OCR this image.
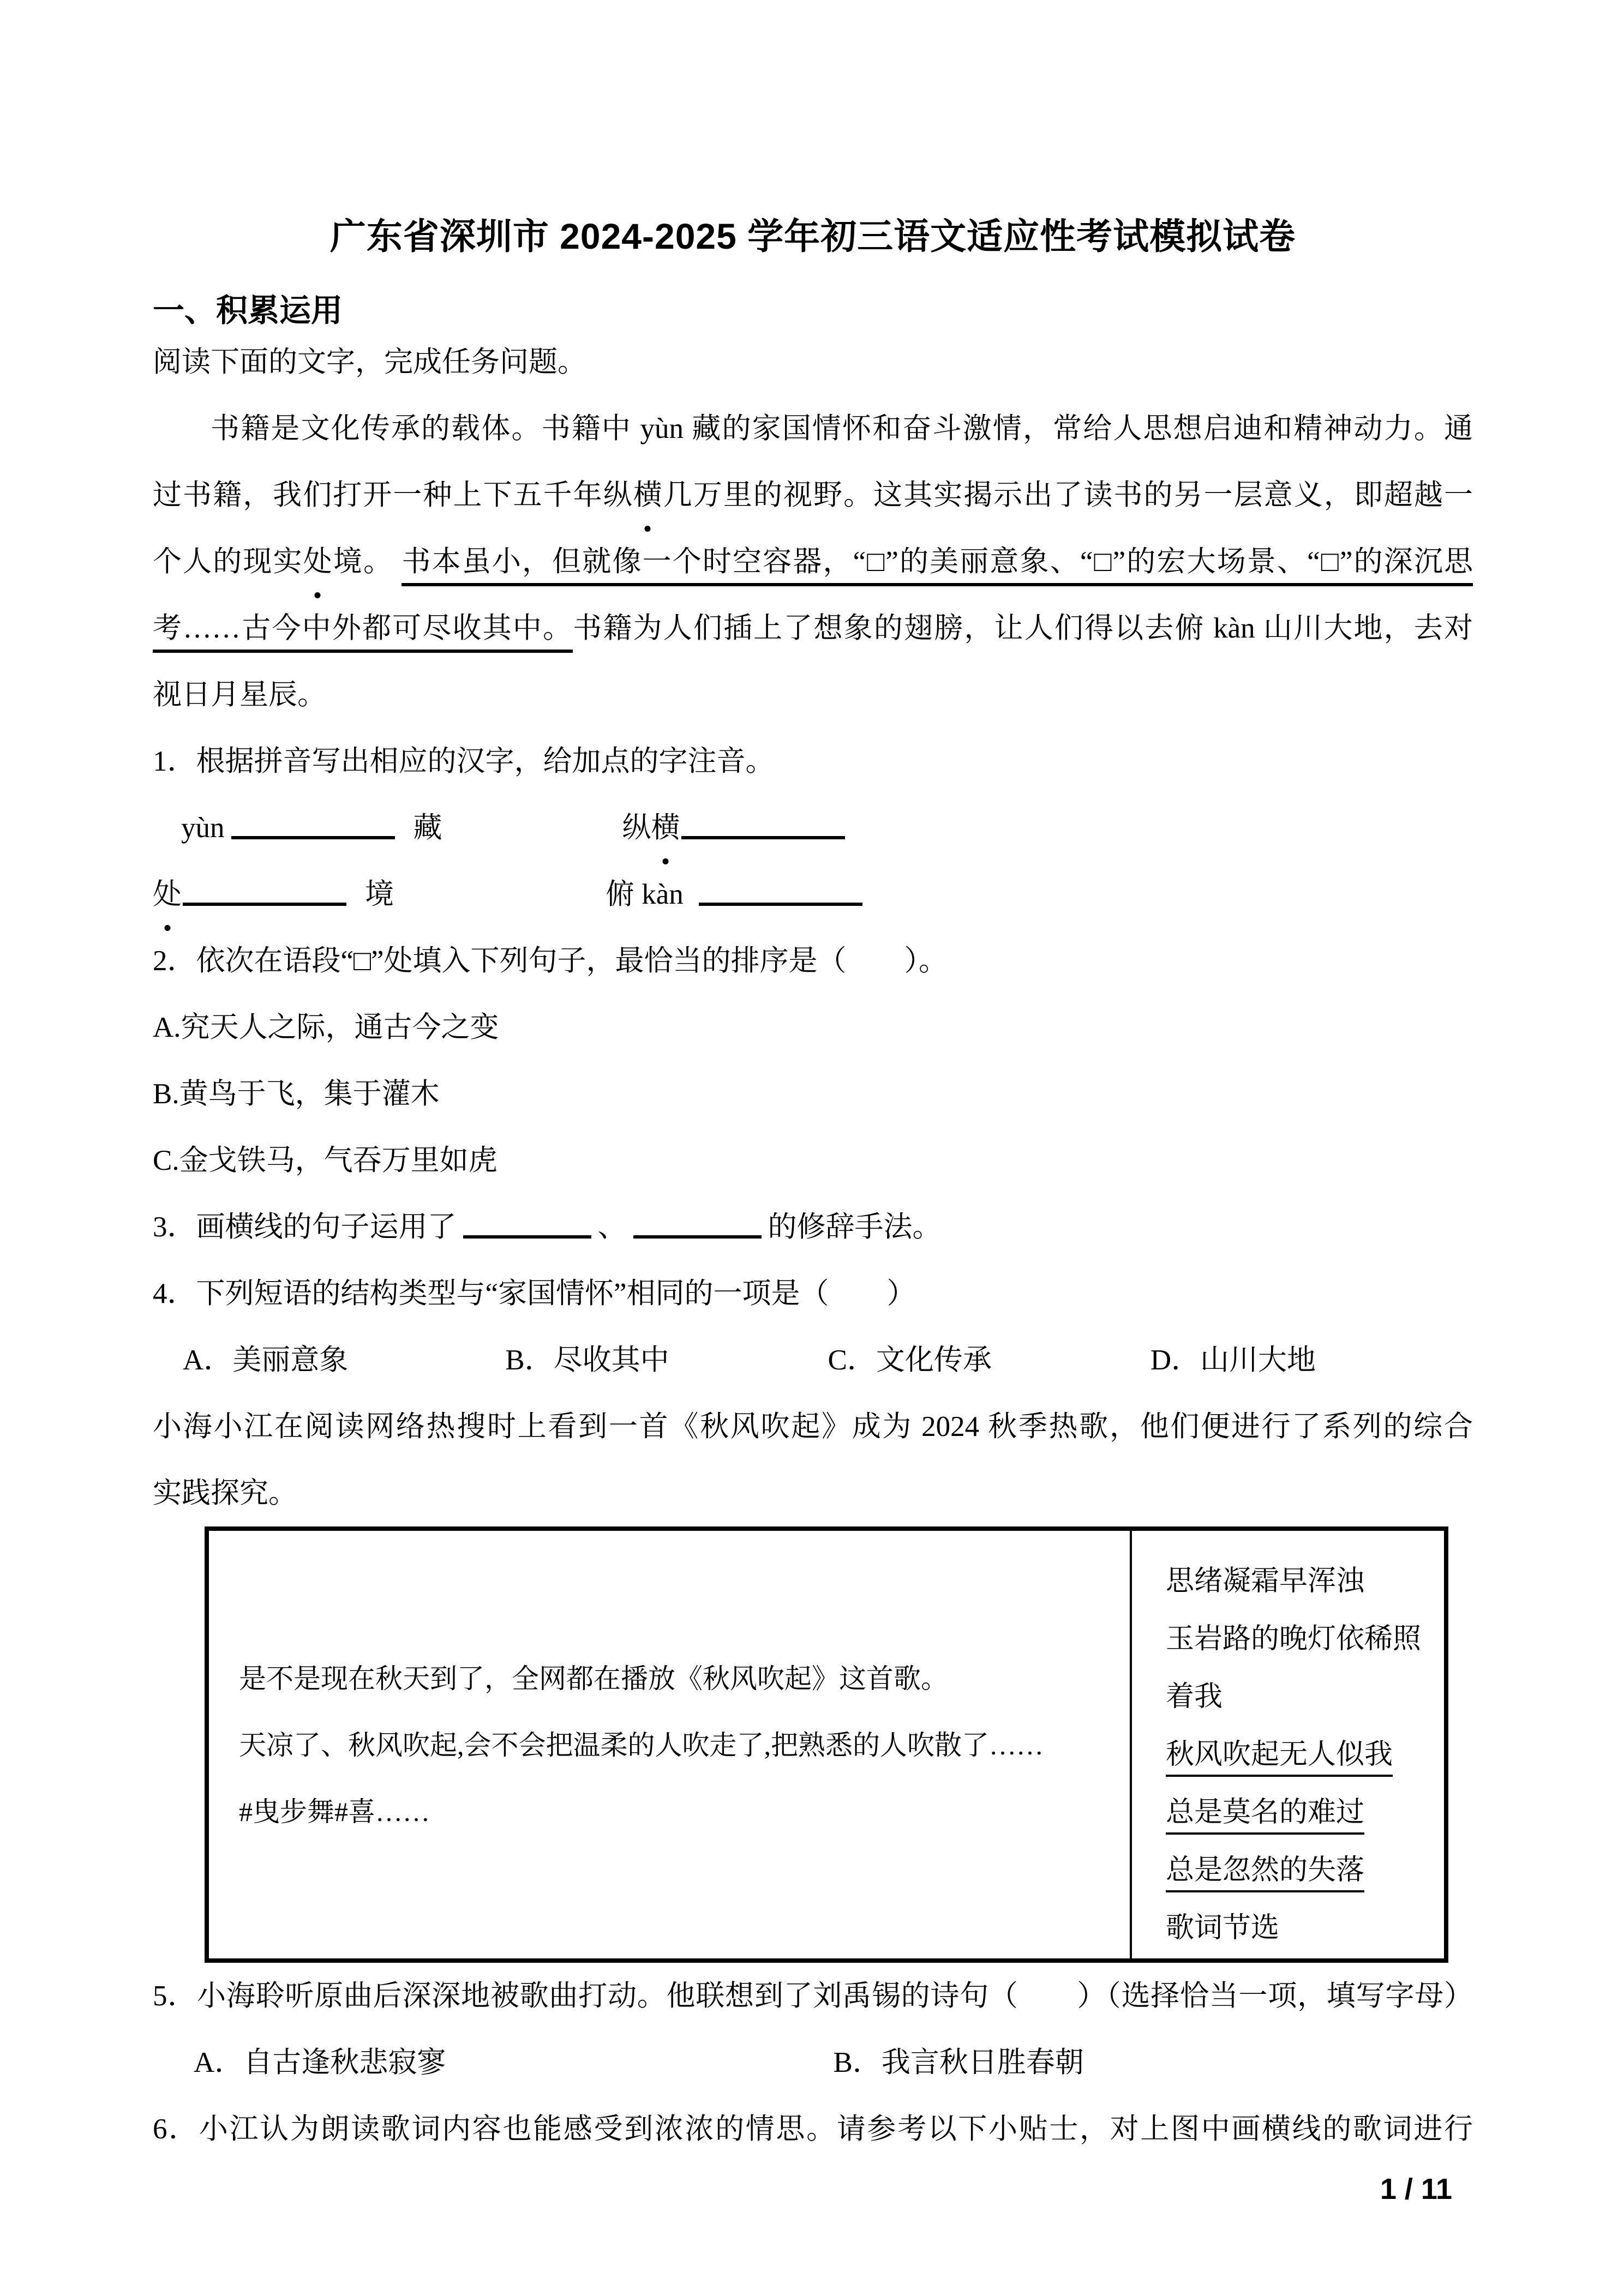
广东省深圳市 2024-2025 学年初三语文适应性考试模拟试卷
一、积累运用
阅读下面的文字，完成任务问题。
书籍是文化传承的载体。书籍中 yùn 藏的家国情怀和奋斗激情，常给人思想启迪和精神动力。通
过书籍，我们打开一种上下五千年纵横几万里的视野。这其实揭示出了读书的另一层意义，即超越一
个人的现实处境。 书本虽小，但就像一个时空容器，“□”的美丽意象、“□”的宏大场景、“□”的深沉思
考……古今中外都可尽收其中。书籍为人们插上了想象的翅膀，让人们得以去俯 kàn 山川大地，去对
视日月星辰。
1．根据拼音写出相应的汉字，给加点的字注音。
yùn	藏	纵横
处	境	俯 kàn
2．依次在语段“□”处填入下列句子，最恰当的排序是（　　）。
A.究天人之际，通古今之变
B.黄鸟于飞，集于灌木
C.金戈铁马，气吞万里如虎
3．画横线的句子运用了	、	的修辞手法。
4．下列短语的结构类型与“家国情怀”相同的一项是（　　）
A．美丽意象	B．尽收其中	C．文化传承	D．山川大地
小海小江在阅读网络热搜时上看到一首《秋风吹起》成为 2024 秋季热歌，他们便进行了系列的综合
实践探究。
是不是现在秋天到了，全网都在播放《秋风吹起》这首歌。
天凉了、秋风吹起,会不会把温柔的人吹走了,把熟悉的人吹散了……
#曳步舞#喜……
思绪凝霜早浑浊
玉岩路的晚灯依稀照
着我
秋风吹起无人似我
总是莫名的难过
总是忽然的失落
歌词节选
5．小海聆听原曲后深深地被歌曲打动。他联想到了刘禹锡的诗句（　　）（选择恰当一项，填写字母）
A．自古逢秋悲寂寥	B．我言秋日胜春朝
6．小江认为朗读歌词内容也能感受到浓浓的情思。请参考以下小贴士，对上图中画横线的歌词进行
1 / 11
